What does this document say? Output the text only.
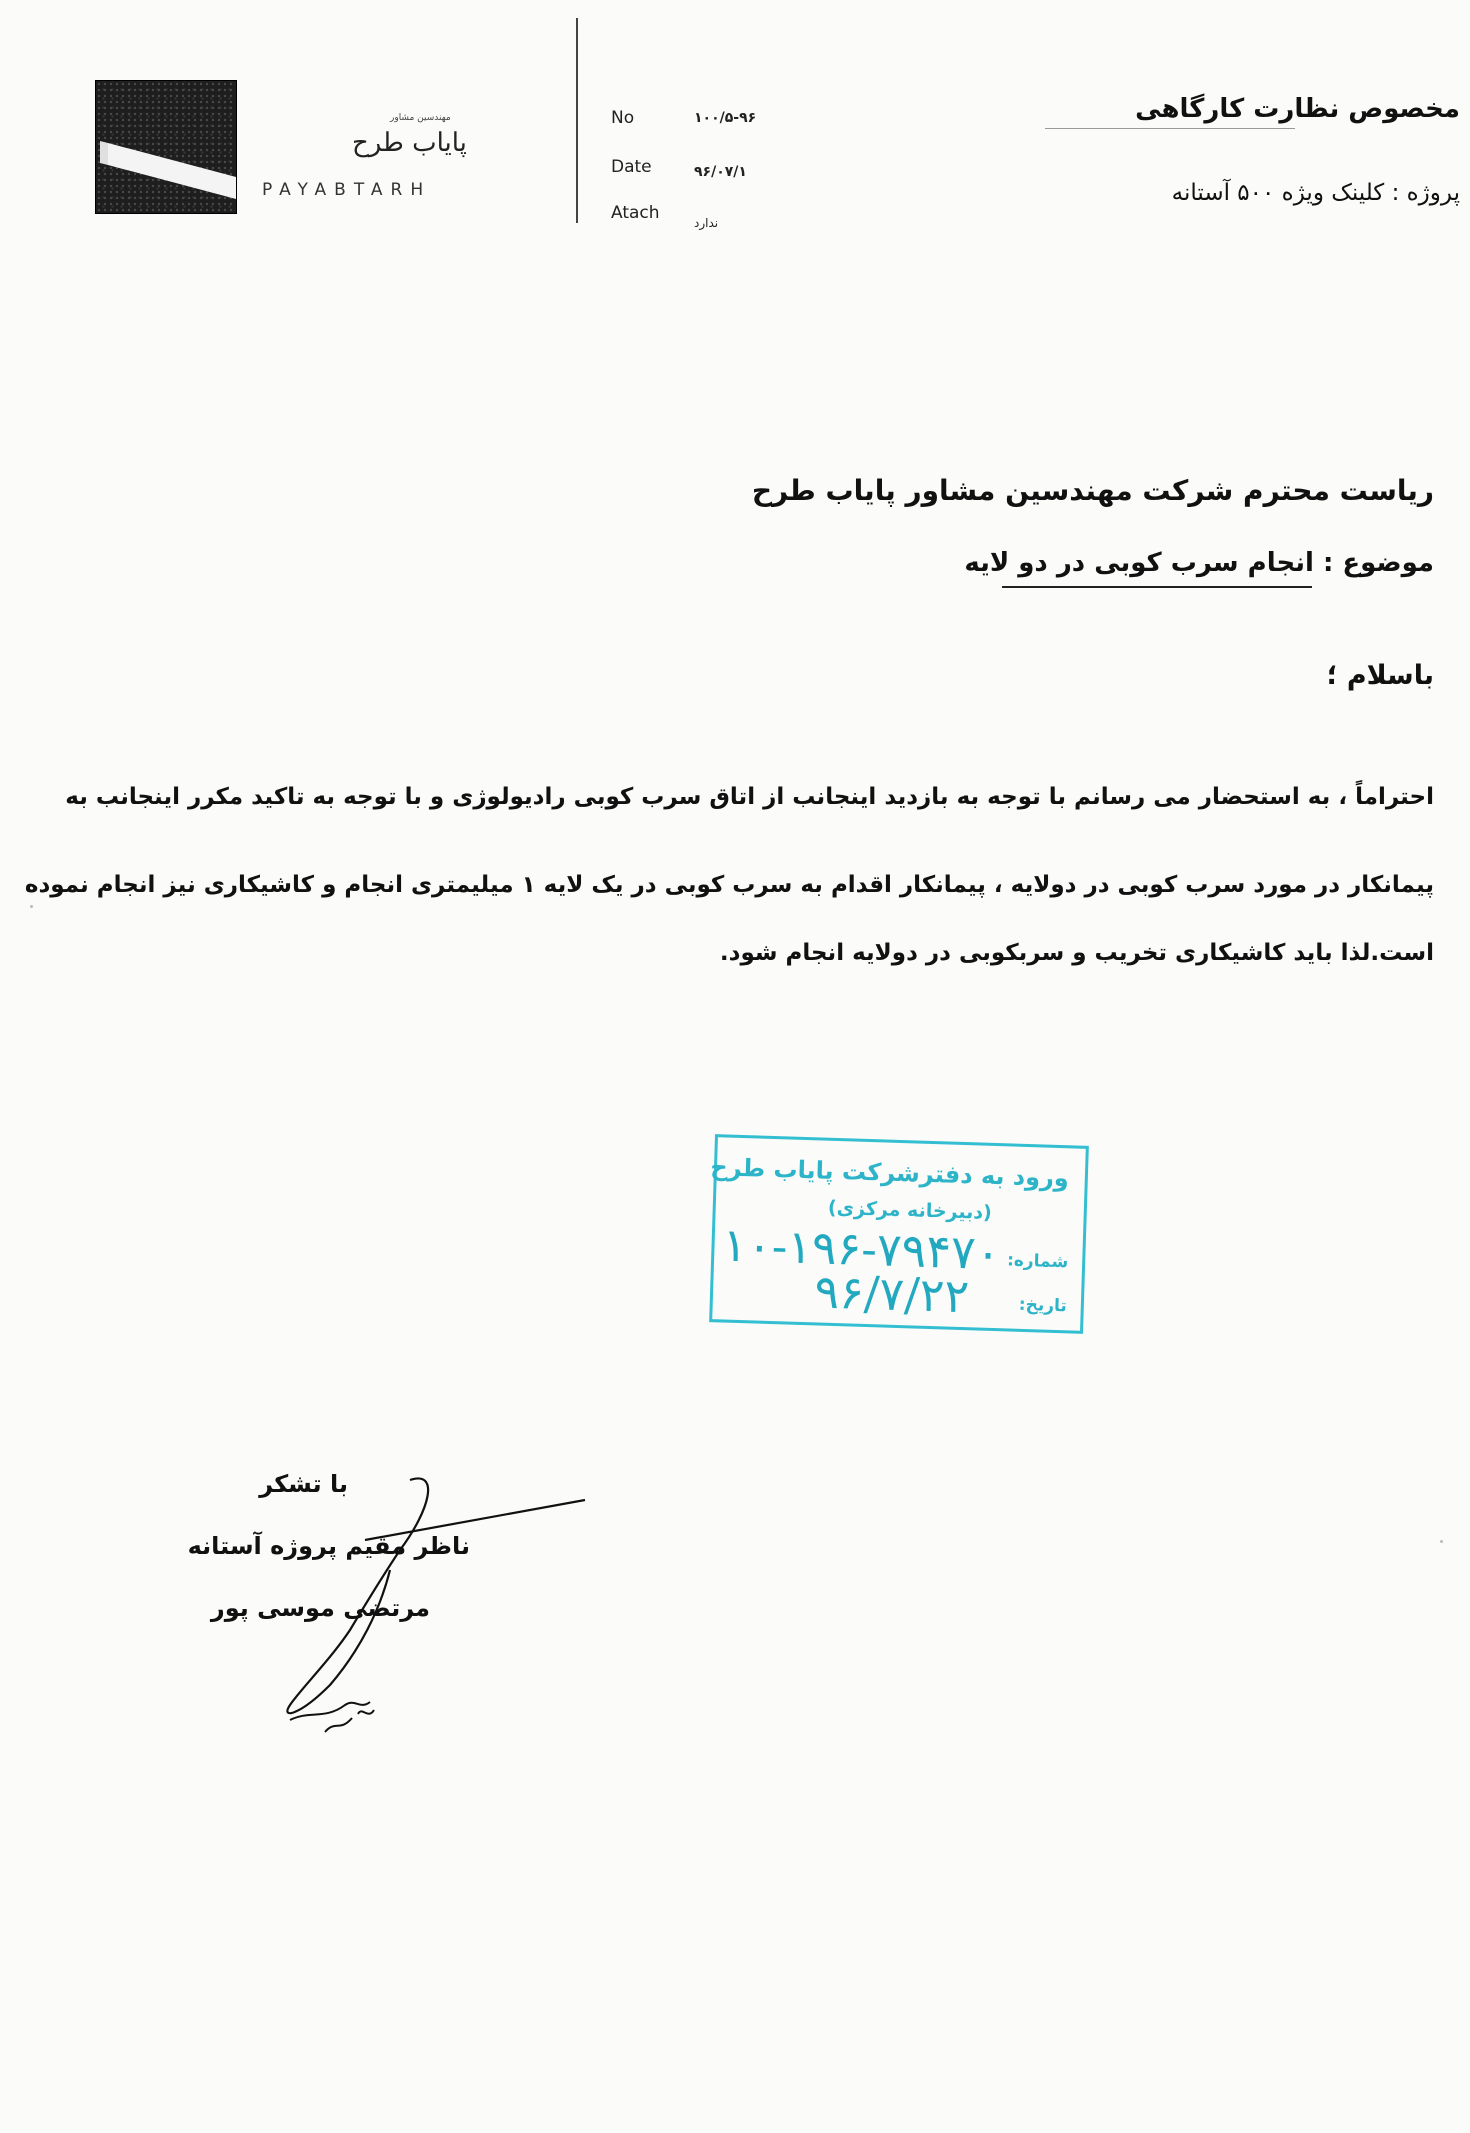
مهندسین مشاور
پایاب طرح
PAYABTARH
No	۱۰۰/۵-۹۶
Date	۹۶/۰۷/۱
Atach	ندارد
مخصوص نظارت کارگاهی
پروژه : کلینک ویژه ۵۰۰ آستانه
ریاست محترم شرکت مهندسین مشاور پایاب طرح
موضوع : انجام سرب کوبی در دو لایه
باسلام ؛
احتراماً ، به استحضار می رسانم با توجه به بازدید اینجانب از اتاق سرب کوبی رادیولوژی و با توجه به تاکید مکرر اینجانب به
پیمانکار در مورد سرب کوبی در دولایه ، پیمانکار اقدام به سرب کوبی در یک لایه ۱ میلیمتری انجام و کاشیکاری نیز انجام نموده
است.لذا باید کاشیکاری تخریب و سربکوبی در دولایه انجام شود.
ورود به دفترشرکت پایاب طرح
(دبیرخانه مرکزی)
شماره:
۱۰-۱۹۶-۷۹۴۷۰
تاریخ:
۹۶/۷/۲۲
با تشکر
ناظر مقیم پروژه آستانه
مرتضی موسی پور
